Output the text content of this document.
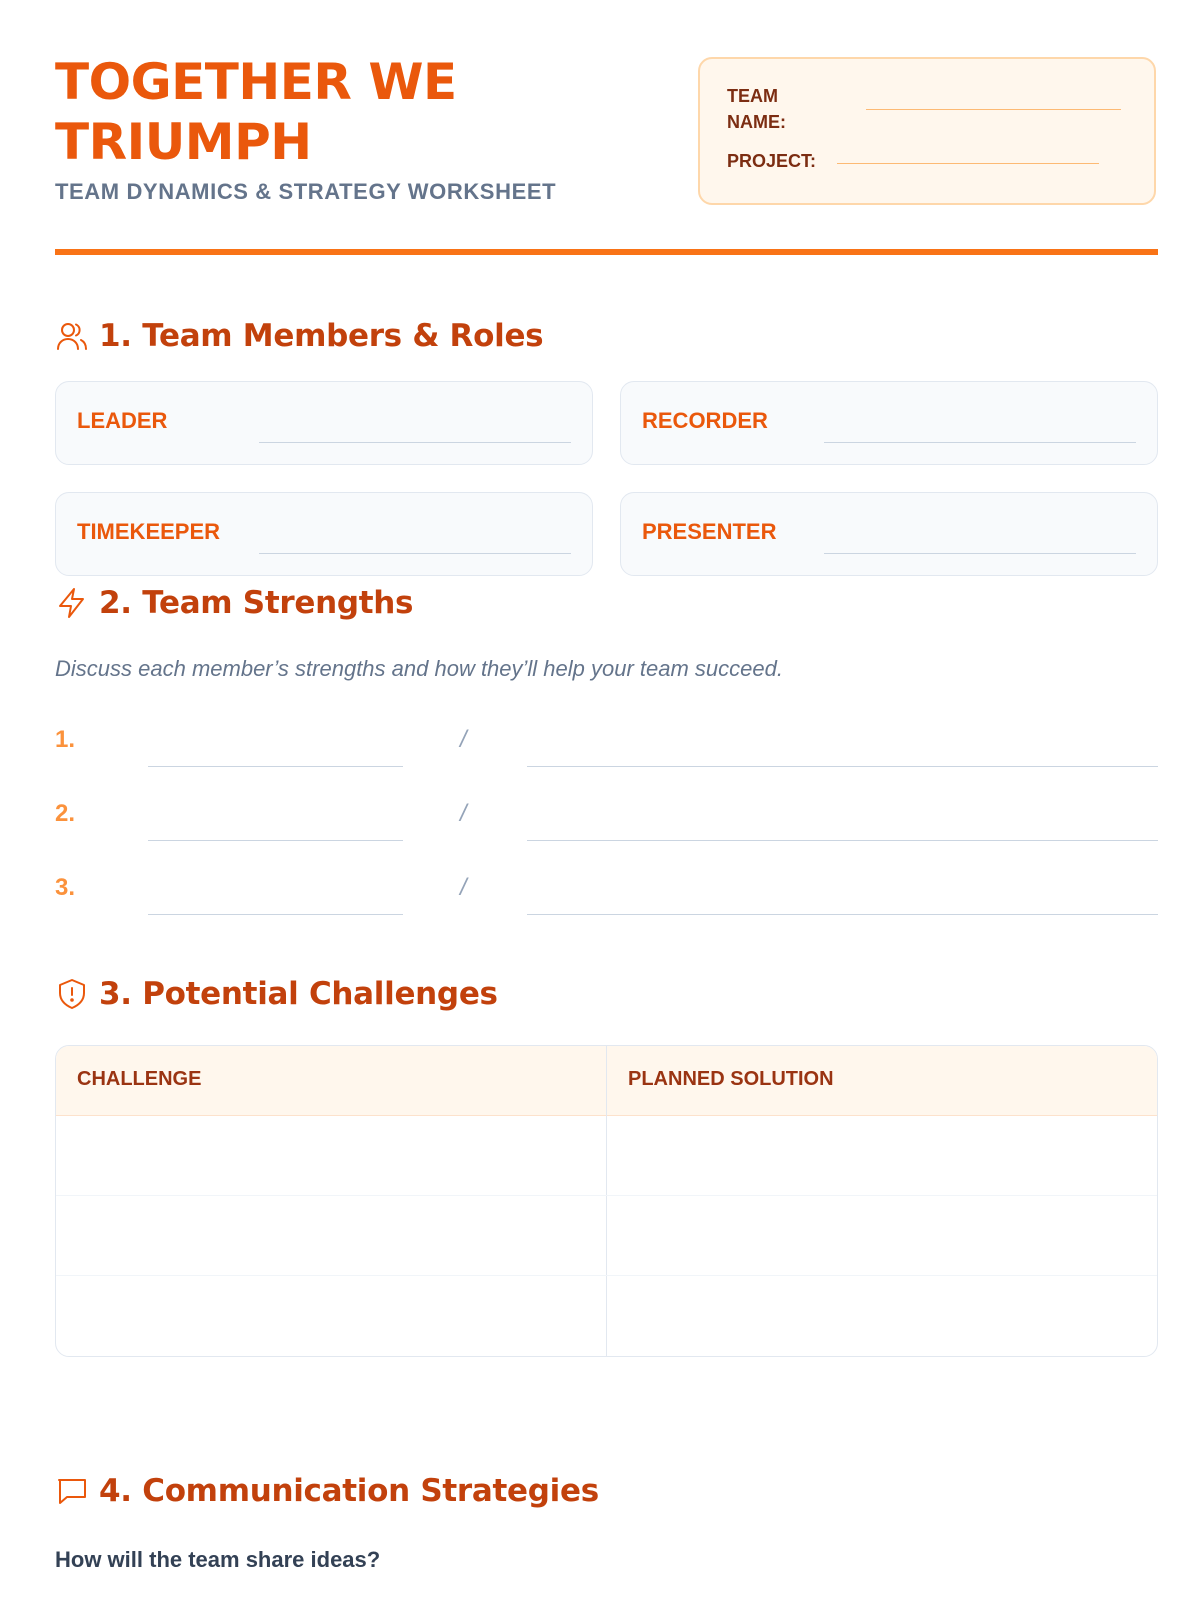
TOGETHER WE TRIUMPH
TEAM DYNAMICS & STRATEGY WORKSHEET
TEAM NAME:
PROJECT:
1. Team Members & Roles
LEADER	RECORDER
TIMEKEEPER	PRESENTER
2. Team Strengths
Discuss each member’s strengths and how they’ll help your team succeed.
1.	/
2.	/
3.	/
3. Potential Challenges
CHALLENGE	PLANNED SOLUTION
4. Communication Strategies
How will the team share ideas?
